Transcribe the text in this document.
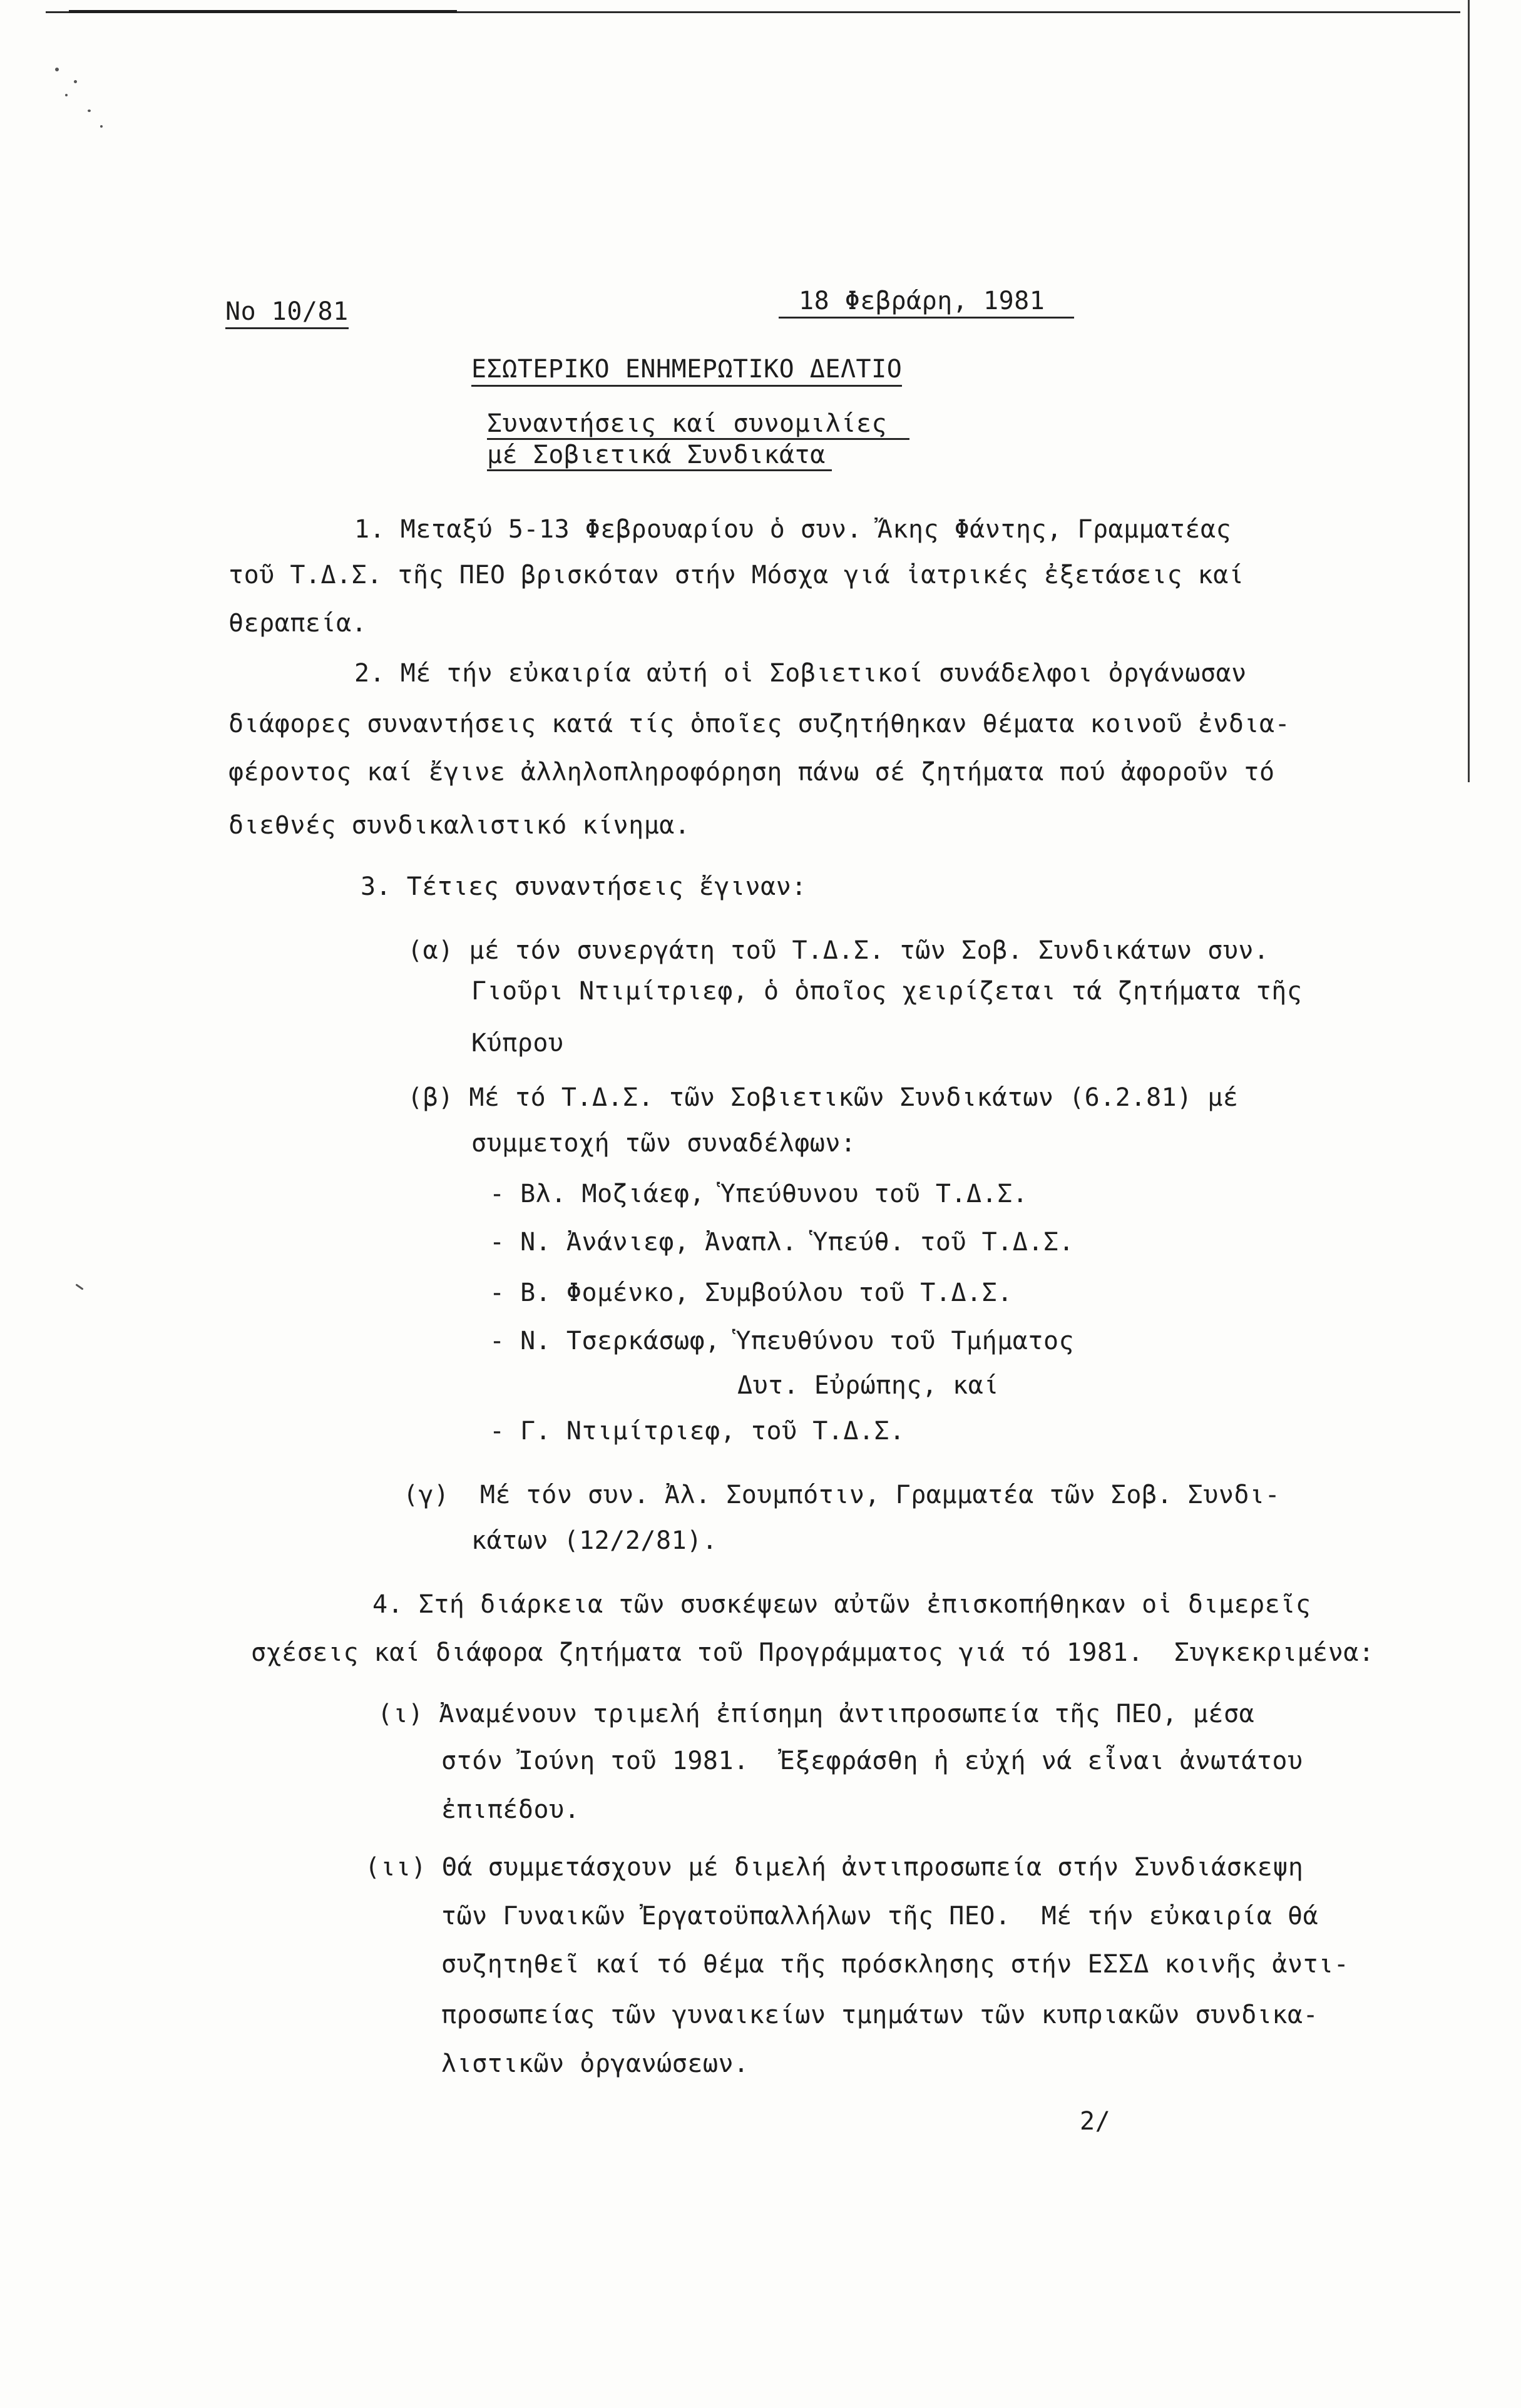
No 10/81	18 Φεβράρη, 1981
ΕΣΩΤΕΡΙΚΟ ΕΝΗΜΕΡΩΤΙΚΟ ΔΕΛΤΙΟ
Συναντήσεις καί συνομιλίες
μέ Σοβιετικά Συνδικάτα
1. Μεταξύ 5-13 Φεβρουαρίου ὁ συν. Ἄκης Φάντης, Γραμματέας
τοῦ Τ.Δ.Σ. τῆς ΠΕΟ βρισκόταν στήν Μόσχα γιά ἰατρικές ἐξετάσεις καί
θεραπεία.
2. Μέ τήν εὐκαιρία αὐτή οἱ Σοβιετικοί συνάδελφοι ὀργάνωσαν
διάφορες συναντήσεις κατά τίς ὁποῖες συζητήθηκαν θέματα κοινοῦ ἐνδια-
φέροντος καί ἔγινε ἀλληλοπληροφόρηση πάνω σέ ζητήματα πού ἀφοροῦν τό
διεθνές συνδικαλιστικό κίνημα.
3. Τέτιες συναντήσεις ἔγιναν:
(α) μέ τόν συνεργάτη τοῦ Τ.Δ.Σ. τῶν Σοβ. Συνδικάτων συν.
Γιοῦρι Ντιμίτριεφ, ὁ ὁποῖος χειρίζεται τά ζητήματα τῆς
Κύπρου
(β) Μέ τό Τ.Δ.Σ. τῶν Σοβιετικῶν Συνδικάτων (6.2.81) μέ
συμμετοχή τῶν συναδέλφων:
- Βλ. Μοζιάεφ, Ὑπεύθυνου τοῦ Τ.Δ.Σ.
- Ν. Ἀνάνιεφ, Ἀναπλ. Ὑπεύθ. τοῦ Τ.Δ.Σ.
- Β. Φομένκο, Συμβούλου τοῦ Τ.Δ.Σ.
- Ν. Τσερκάσωφ, Ὑπευθύνου τοῦ Τμήματος
Δυτ. Εὐρώπης, καί
- Γ. Ντιμίτριεφ, τοῦ Τ.Δ.Σ.
(γ)  Μέ τόν συν. Ἀλ. Σουμπότιν, Γραμματέα τῶν Σοβ. Συνδι-
κάτων (12/2/81).
4. Στή διάρκεια τῶν συσκέψεων αὐτῶν ἐπισκοπήθηκαν οἱ διμερεῖς
σχέσεις καί διάφορα ζητήματα τοῦ Προγράμματος γιά τό 1981.  Συγκεκριμένα:
(ι) Ἀναμένουν τριμελή ἐπίσημη ἀντιπροσωπεία τῆς ΠΕΟ, μέσα
στόν Ἰούνη τοῦ 1981.  Ἐξεφράσθη ἡ εὐχή νά εἶναι ἀνωτάτου
ἐπιπέδου.
(ιι) Θά συμμετάσχουν μέ διμελή ἀντιπροσωπεία στήν Συνδιάσκεψη
τῶν Γυναικῶν Ἐργατοϋπαλλήλων τῆς ΠΕΟ.  Μέ τήν εὐκαιρία θά
συζητηθεῖ καί τό θέμα τῆς πρόσκλησης στήν ΕΣΣΔ κοινῆς ἀντι-
προσωπείας τῶν γυναικείων τμημάτων τῶν κυπριακῶν συνδικα-
λιστικῶν ὀργανώσεων.
2/
